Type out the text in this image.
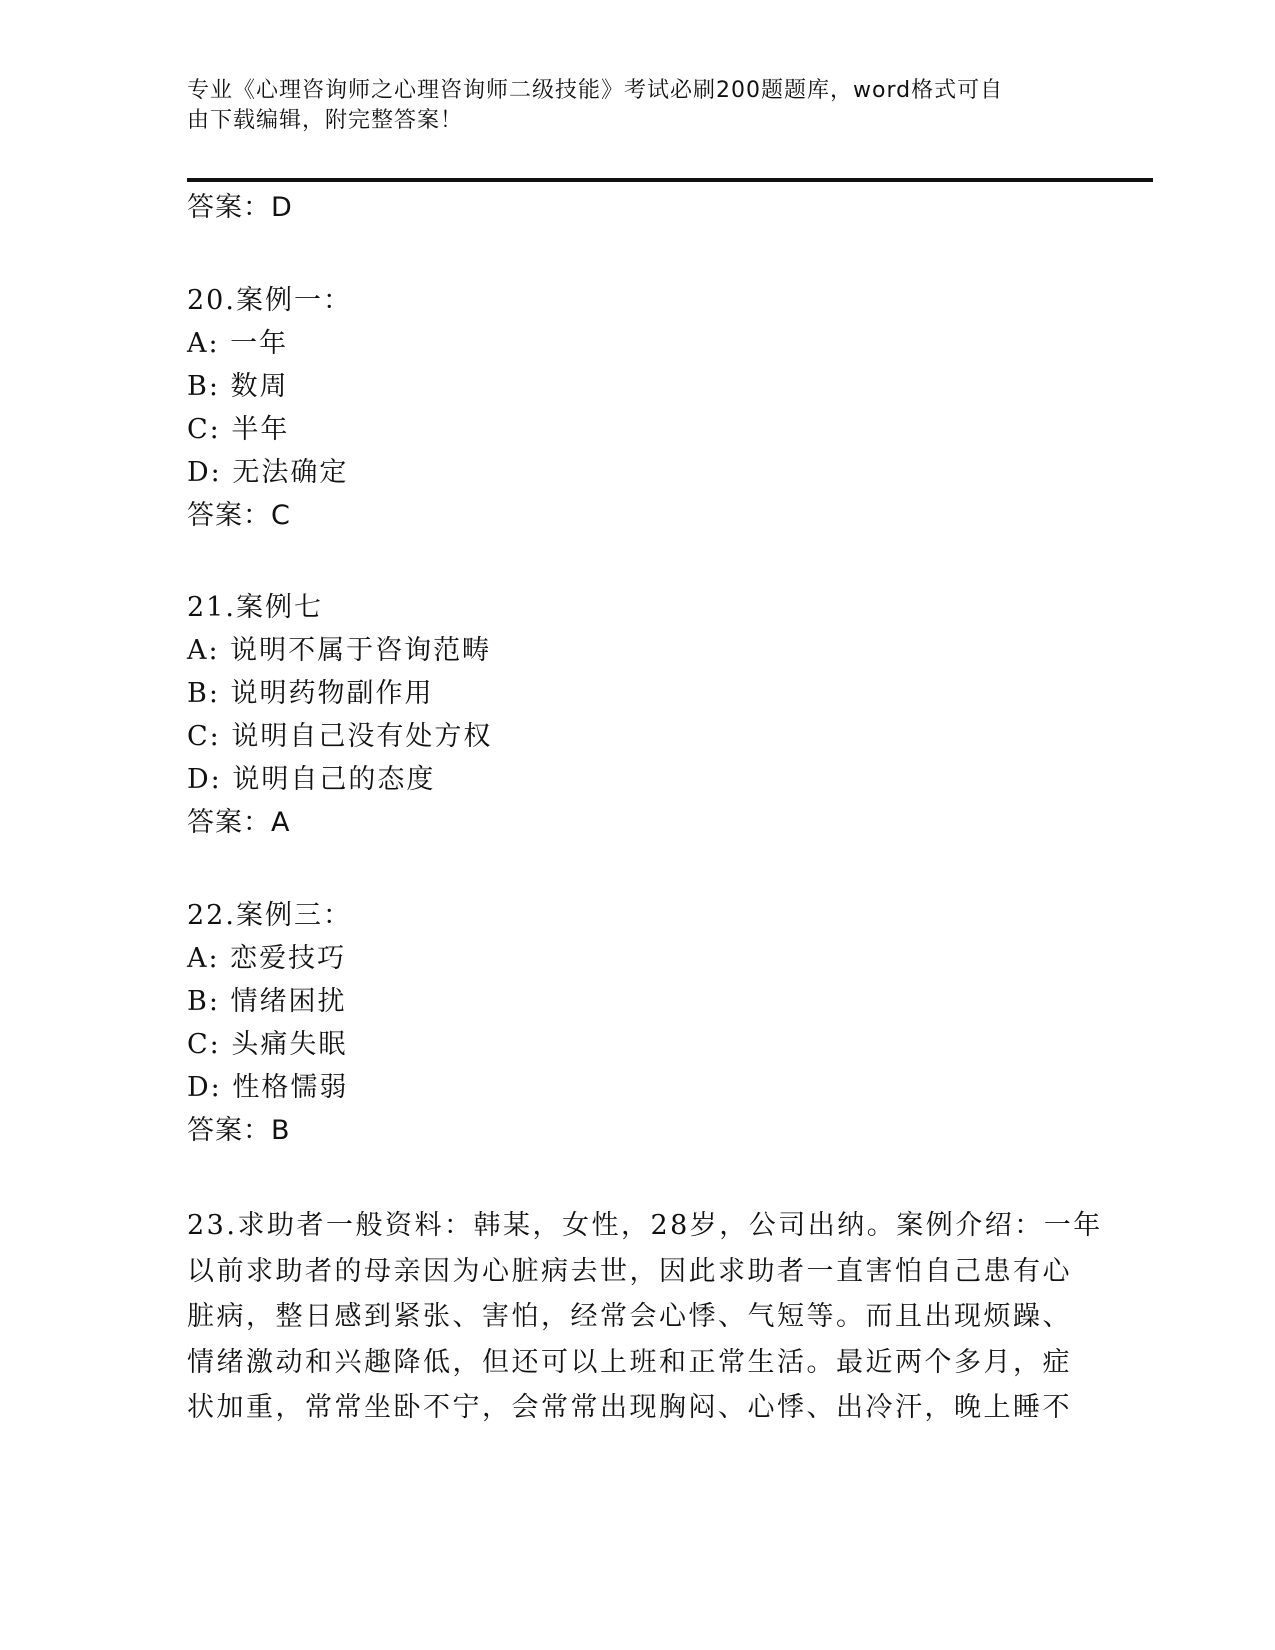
专业《心理咨询师之心理咨询师二级技能》考试必刷200题题库，word格式可自
由下载编辑，附完整答案！
答案：D
20.案例一：
A: 一年
B: 数周
C: 半年
D: 无法确定
答案：C
21.案例七
A: 说明不属于咨询范畴
B: 说明药物副作用
C: 说明自己没有处方权
D: 说明自己的态度
答案：A
22.案例三：
A: 恋爱技巧
B: 情绪困扰
C: 头痛失眠
D: 性格懦弱
答案：B
23.求助者一般资料：韩某，女性，28岁，公司出纳。案例介绍：一年
以前求助者的母亲因为心脏病去世，因此求助者一直害怕自己患有心
脏病，整日感到紧张、害怕，经常会心悸、气短等。而且出现烦躁、
情绪激动和兴趣降低，但还可以上班和正常生活。最近两个多月，症
状加重，常常坐卧不宁，会常常出现胸闷、心悸、出冷汗，晚上睡不
